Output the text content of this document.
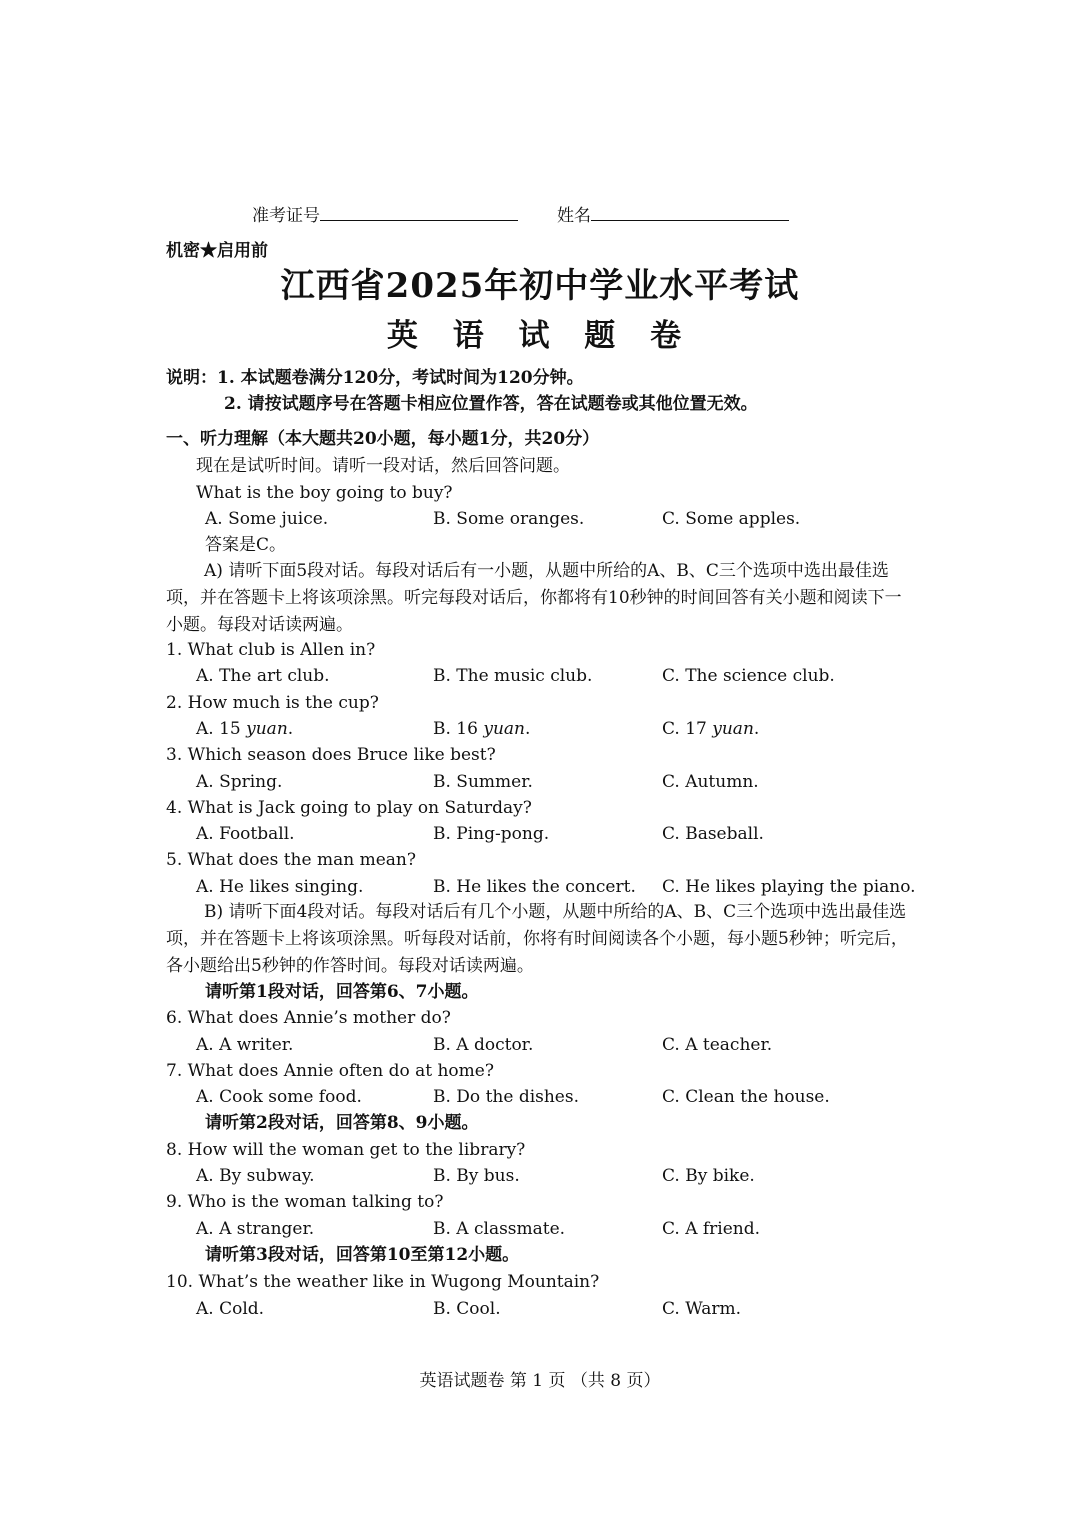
准考证号	姓名
机密★启用前
江西省2025年初中学业水平考试
英 语 试 题 卷
说明：1. 本试题卷满分120分，考试时间为120分钟。
2. 请按试题序号在答题卡相应位置作答，答在试题卷或其他位置无效。
一、听力理解（本大题共20小题，每小题1分，共20分）
现在是试听时间。请听一段对话，然后回答问题。
What is the boy going to buy?
A. Some juice.	B. Some oranges.	C. Some apples.
答案是C。
A) 请听下面5段对话。每段对话后有一小题，从题中所给的A、B、C三个选项中选出最佳选项，并在答题卡上将该项涂黑。听完每段对话后，你都将有10秒钟的时间回答有关小题和阅读下一小题。每段对话读两遍。
1. What club is Allen in?
A. The art club.	B. The music club.	C. The science club.
2. How much is the cup?
A. 15 yuan.	B. 16 yuan.	C. 17 yuan.
3. Which season does Bruce like best?
A. Spring.	B. Summer.	C. Autumn.
4. What is Jack going to play on Saturday?
A. Football.	B. Ping-pong.	C. Baseball.
5. What does the man mean?
A. He likes singing.	B. He likes the concert. C. He likes playing the piano.
B) 请听下面4段对话。每段对话后有几个小题，从题中所给的A、B、C三个选项中选出最佳选项，并在答题卡上将该项涂黑。听每段对话前，你将有时间阅读各个小题，每小题5秒钟；听完后，各小题给出5秒钟的作答时间。每段对话读两遍。
请听第1段对话，回答第6、7小题。
6. What does Annie’s mother do?
A. A writer.	B. A doctor.	C. A teacher.
7. What does Annie often do at home?
A. Cook some food.	B. Do the dishes.	C. Clean the house.
请听第2段对话，回答第8、9小题。
8. How will the woman get to the library?
A. By subway.	B. By bus.	C. By bike.
9. Who is the woman talking to?
A. A stranger.	B. A classmate.	C. A friend.
请听第3段对话，回答第10至第12小题。
10. What’s the weather like in Wugong Mountain?
A. Cold.	B. Cool.	C. Warm.
英语试题卷 第 1 页 （共 8 页）
